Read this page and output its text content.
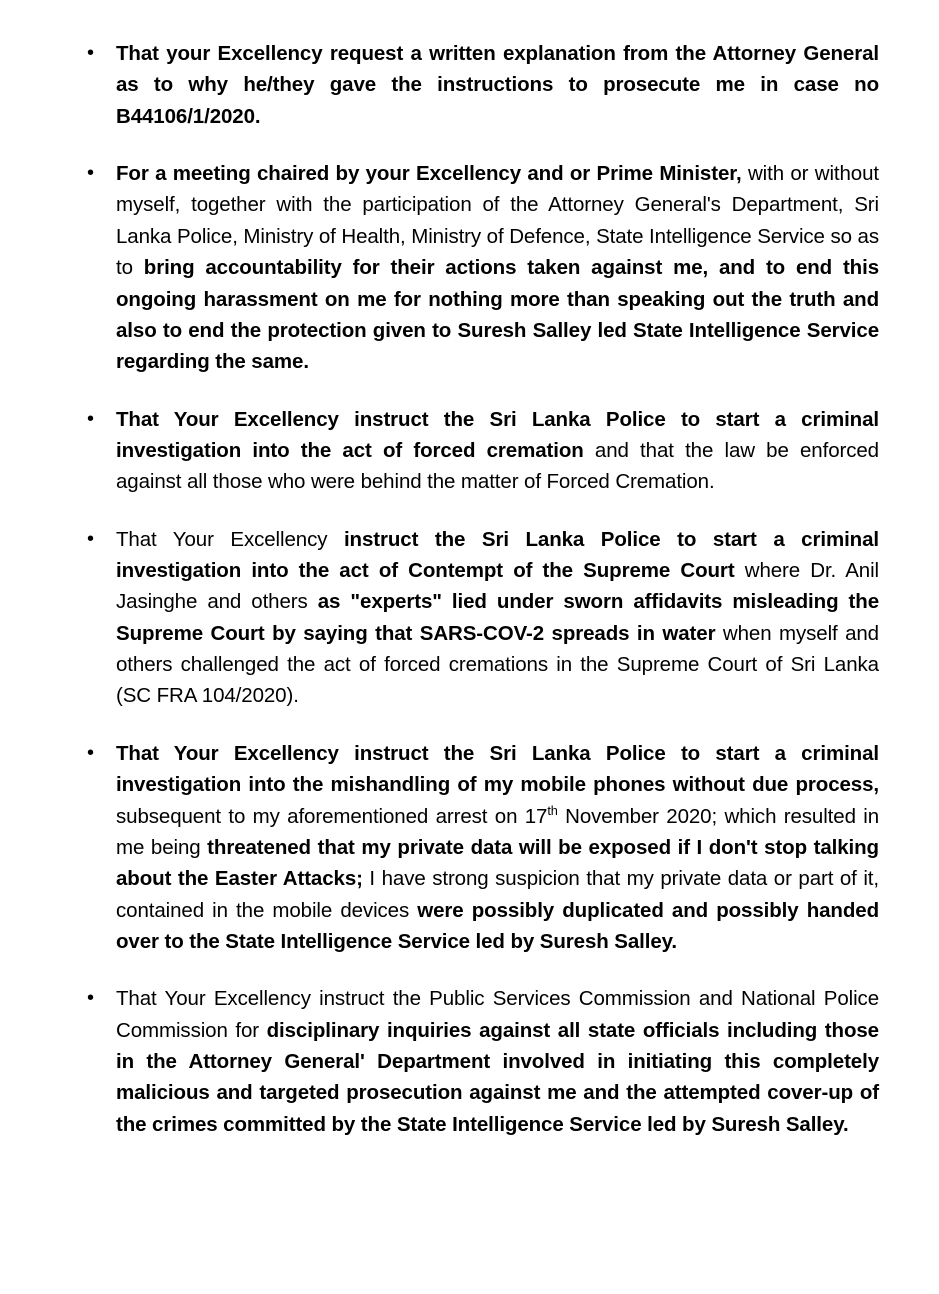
• That your Excellency request a written explanation from the Attorney General as to why he/they gave the instructions to prosecute me in case no B44106/1/2020.

• For a meeting chaired by your Excellency and or Prime Minister, with or without myself, together with the participation of the Attorney General's Department, Sri Lanka Police, Ministry of Health, Ministry of Defence, State Intelligence Service so as to bring accountability for their actions taken against me, and to end this ongoing harassment on me for nothing more than speaking out the truth and also to end the protection given to Suresh Salley led State Intelligence Service regarding the same.

• That Your Excellency instruct the Sri Lanka Police to start a criminal investigation into the act of forced cremation and that the law be enforced against all those who were behind the matter of Forced Cremation.

• That Your Excellency instruct the Sri Lanka Police to start a criminal investigation into the act of Contempt of the Supreme Court where Dr. Anil Jasinghe and others as "experts" lied under sworn affidavits misleading the Supreme Court by saying that SARS-COV-2 spreads in water when myself and others challenged the act of forced cremations in the Supreme Court of Sri Lanka (SC FRA 104/2020).

• That Your Excellency instruct the Sri Lanka Police to start a criminal investigation into the mishandling of my mobile phones without due process, subsequent to my aforementioned arrest on 17th November 2020; which resulted in me being threatened that my private data will be exposed if I don't stop talking about the Easter Attacks; I have strong suspicion that my private data or part of it, contained in the mobile devices were possibly duplicated and possibly handed over to the State Intelligence Service led by Suresh Salley.

• That Your Excellency instruct the Public Services Commission and National Police Commission for disciplinary inquiries against all state officials including those in the Attorney General' Department involved in initiating this completely malicious and targeted prosecution against me and the attempted cover-up of the crimes committed by the State Intelligence Service led by Suresh Salley.
